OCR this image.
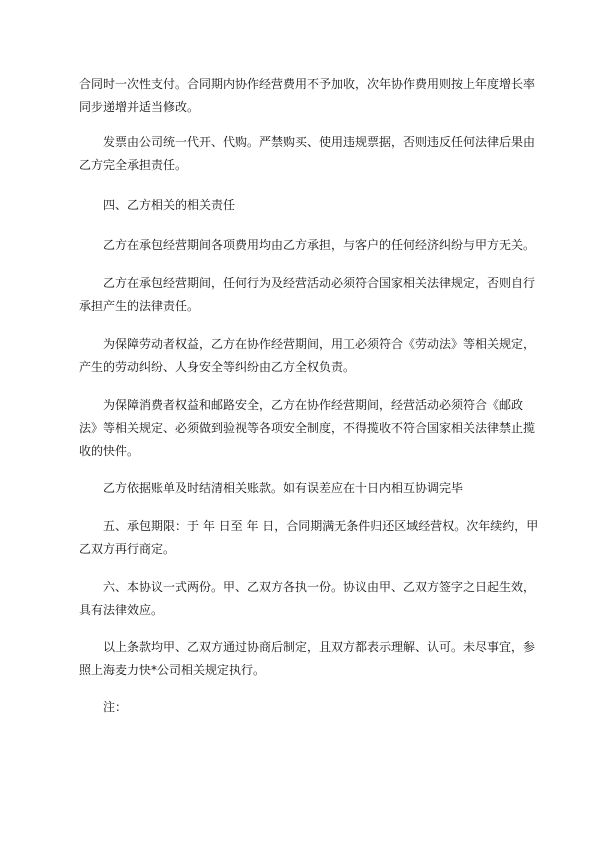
合同时一次性支付。合同期内协作经营费用不予加收，次年协作费用则按上年度增长率同步递增并适当修改。

发票由公司统一代开、代购。严禁购买、使用违规票据，否则违反任何法律后果由乙方完全承担责任。

四、乙方相关的相关责任

乙方在承包经营期间各项费用均由乙方承担，与客户的任何经济纠纷与甲方无关。

乙方在承包经营期间，任何行为及经营活动必须符合国家相关法律规定，否则自行承担产生的法律责任。

为保障劳动者权益，乙方在协作经营期间，用工必须符合《劳动法》等相关规定，产生的劳动纠纷、人身安全等纠纷由乙方全权负责。

为保障消费者权益和邮路安全，乙方在协作经营期间，经营活动必须符合《邮政法》等相关规定、必须做到验视等各项安全制度，不得揽收不符合国家相关法律禁止揽收的快件。

乙方依据账单及时结清相关账款。如有误差应在十日内相互协调完毕

五、承包期限：于 年 日至 年 日，合同期满无条件归还区域经营权。次年续约，甲乙双方再行商定。

六、本协议一式两份。甲、乙双方各执一份。协议由甲、乙双方签字之日起生效，具有法律效应。

以上条款均甲、乙双方通过协商后制定，且双方都表示理解、认可。未尽事宜，参照上海麦力快*公司相关规定执行。

注：
